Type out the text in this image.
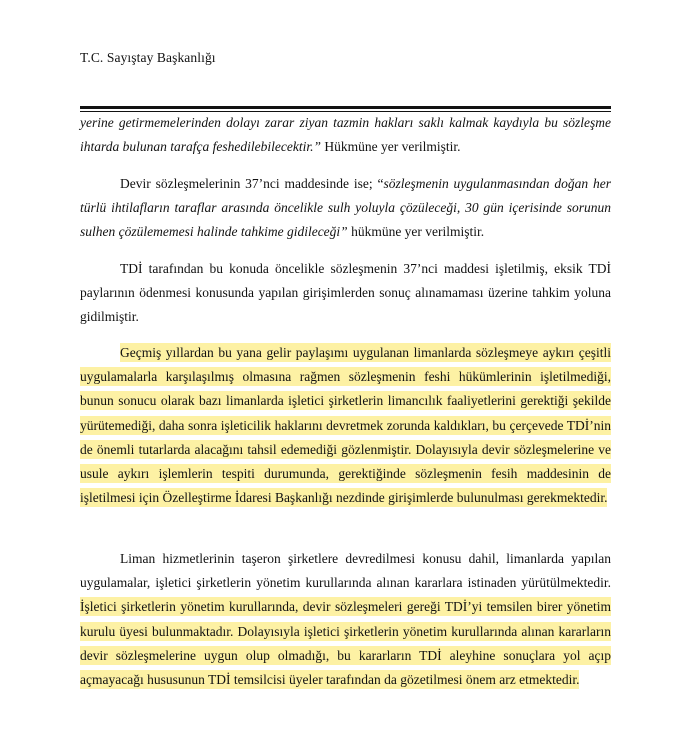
T.C. Sayıştay Başkanlığı

yerine getirmemelerinden dolayı zarar ziyan tazmin hakları saklı kalmak kaydıyla bu sözleşme ihtarda bulunan tarafça feshedilebilecektir.” Hükmüne yer verilmiştir.

Devir sözleşmelerinin 37’nci maddesinde ise; “sözleşmenin uygulanmasından doğan her türlü ihtilafların taraflar arasında öncelikle sulh yoluyla çözüleceği, 30 gün içerisinde sorunun sulhen çözülememesi halinde tahkime gidileceği” hükmüne yer verilmiştir.

TDİ tarafından bu konuda öncelikle sözleşmenin 37’nci maddesi işletilmiş, eksik TDİ paylarının ödenmesi konusunda yapılan girişimlerden sonuç alınamaması üzerine tahkim yoluna gidilmiştir.

Geçmiş yıllardan bu yana gelir paylaşımı uygulanan limanlarda sözleşmeye aykırı çeşitli uygulamalarla karşılaşılmış olmasına rağmen sözleşmenin feshi hükümlerinin işletilmediği, bunun sonucu olarak bazı limanlarda işletici şirketlerin limancılık faaliyetlerini gerektiği şekilde yürütemediği, daha sonra işleticilik haklarını devretmek zorunda kaldıkları, bu çerçevede TDİ’nin de önemli tutarlarda alacağını tahsil edemediği gözlenmiştir. Dolayısıyla devir sözleşmelerine ve usule aykırı işlemlerin tespiti durumunda, gerektiğinde sözleşmenin fesih maddesinin de işletilmesi için Özelleştirme İdaresi Başkanlığı nezdinde girişimlerde bulunulması gerekmektedir.

Liman hizmetlerinin taşeron şirketlere devredilmesi konusu dahil, limanlarda yapılan uygulamalar, işletici şirketlerin yönetim kurullarında alınan kararlara istinaden yürütülmektedir. İşletici şirketlerin yönetim kurullarında, devir sözleşmeleri gereği TDİ’yi temsilen birer yönetim kurulu üyesi bulunmaktadır. Dolayısıyla işletici şirketlerin yönetim kurullarında alınan kararların devir sözleşmelerine uygun olup olmadığı, bu kararların TDİ aleyhine sonuçlara yol açıp açmayacağı hususunun TDİ temsilcisi üyeler tarafından da gözetilmesi önem arz etmektedir.
